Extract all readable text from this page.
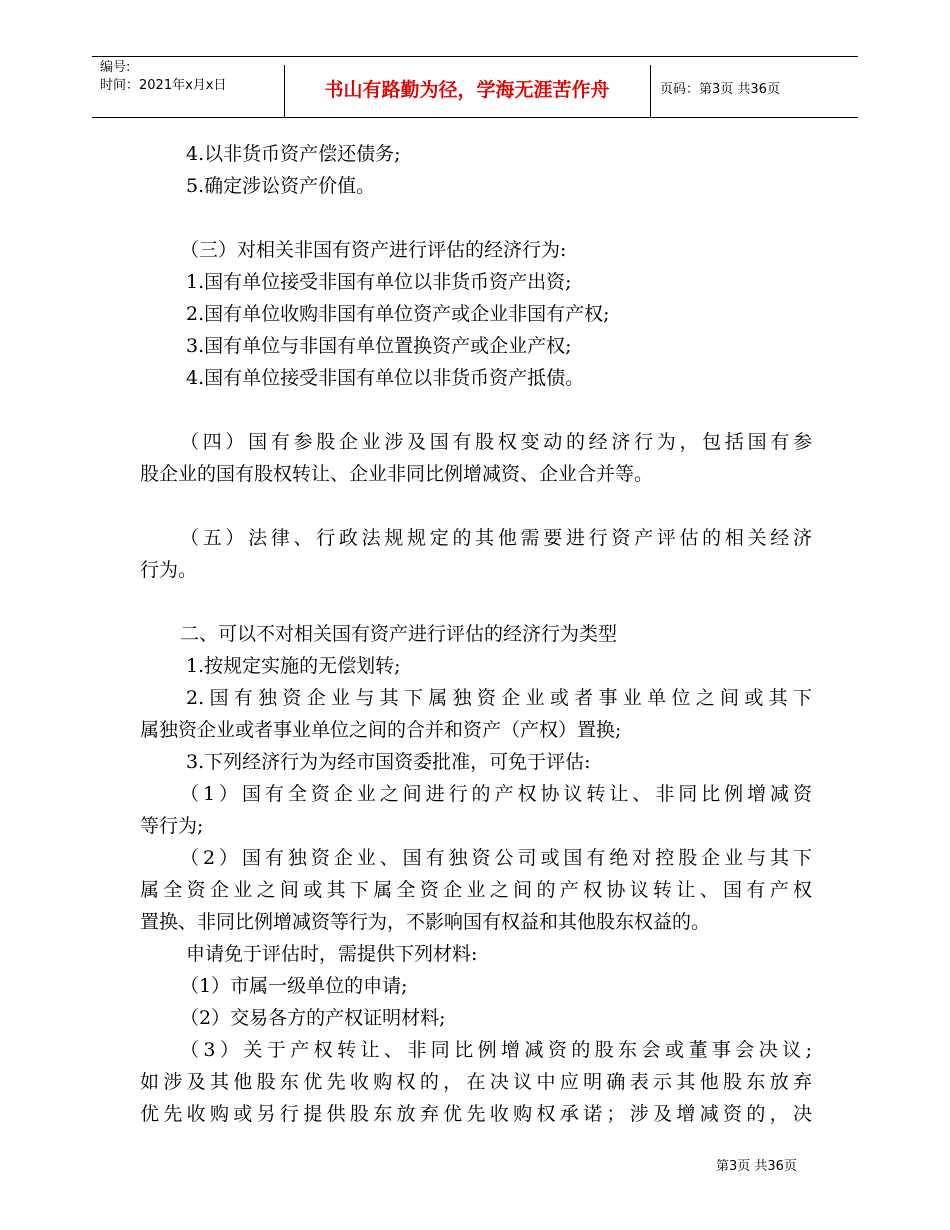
编号:
时间：2021年x月x日	书山有路勤为径，学海无涯苦作舟	页码：第3页 共36页
4.以非货币资产偿还债务;
5.确定涉讼资产价值。
（三）对相关非国有资产进行评估的经济行为:
1.国有单位接受非国有单位以非货币资产出资;
2.国有单位收购非国有单位资产或企业非国有产权;
3.国有单位与非国有单位置换资产或企业产权;
4.国有单位接受非国有单位以非货币资产抵债。
（四）国有参股企业涉及国有股权变动的经济行为，包括国有参
股企业的国有股权转让、企业非同比例增减资、企业合并等。
（五）法律、行政法规规定的其他需要进行资产评估的相关经济
行为。
二、可以不对相关国有资产进行评估的经济行为类型
1.按规定实施的无偿划转;
2.国有独资企业与其下属独资企业或者事业单位之间或其下
属独资企业或者事业单位之间的合并和资产（产权）置换;
3.下列经济行为为经市国资委批准，可免于评估:
（1）国有全资企业之间进行的产权协议转让、非同比例增减资
等行为;
（2）国有独资企业、国有独资公司或国有绝对控股企业与其下
属全资企业之间或其下属全资企业之间的产权协议转让、国有产权
置换、非同比例增减资等行为，不影响国有权益和其他股东权益的。
申请免于评估时，需提供下列材料:
（1）市属一级单位的申请;
（2）交易各方的产权证明材料;
（3）关于产权转让、非同比例增减资的股东会或董事会决议;
如涉及其他股东优先收购权的，在决议中应明确表示其他股东放弃
优先收购或另行提供股东放弃优先收购权承诺；涉及增减资的，决
第3页 共36页
